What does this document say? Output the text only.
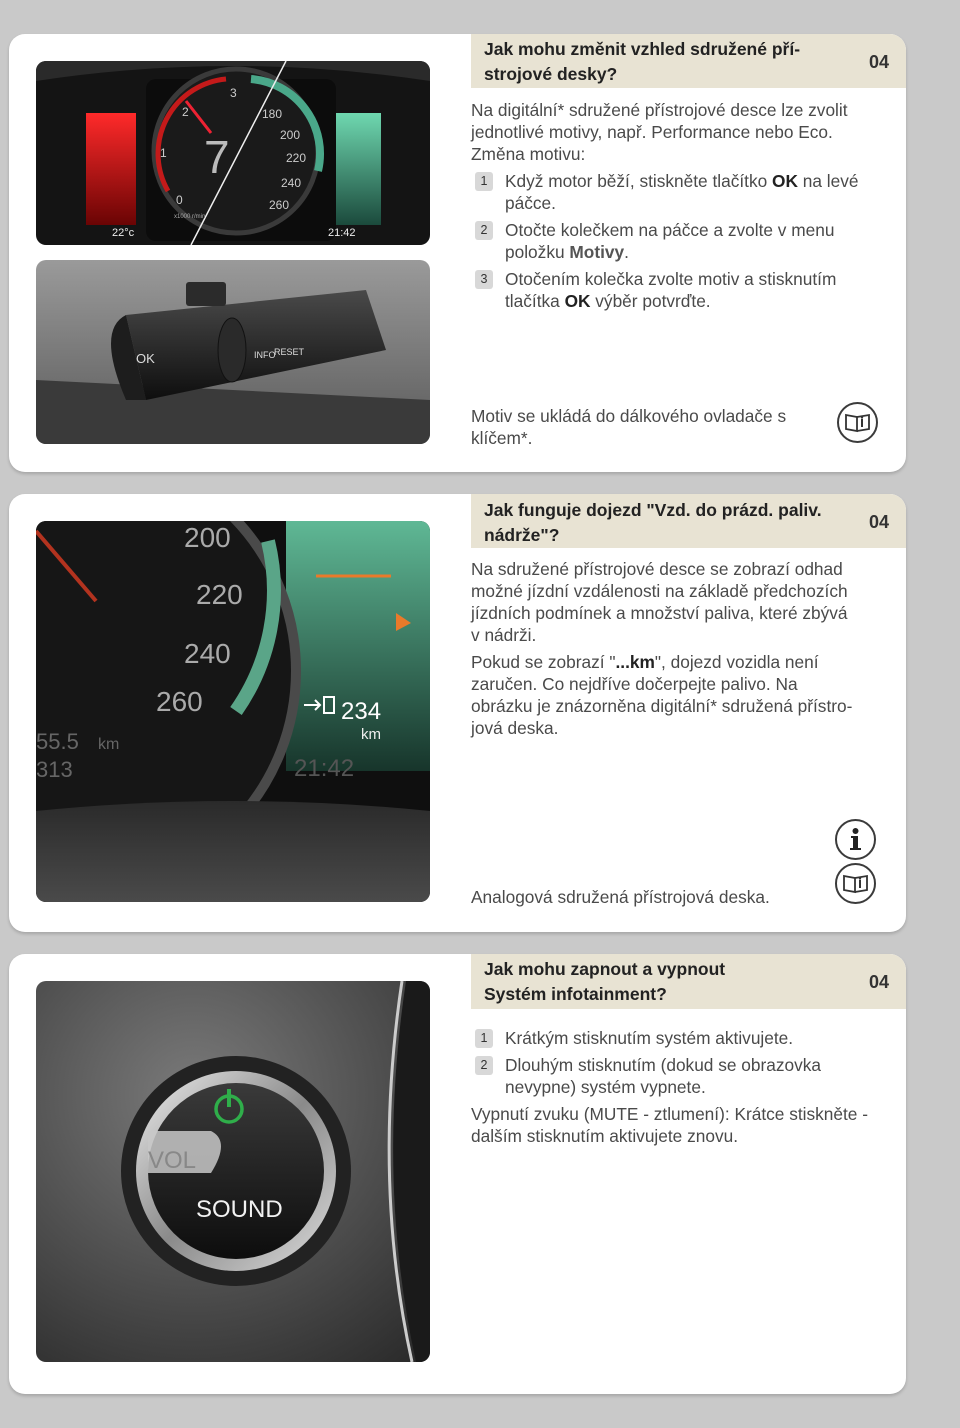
7
180
200
220
240
260
0
1
2
3
x1000 r/min
22°c	21:42
OK	INFO
RESET
Jak mohu změnit vzhled sdružené pří-
strojové desky?
04

Na digitální* sdružené přístrojové desce lze zvolit
jednotlivé motivy, např. Performance nebo Eco.
Změna motivu:

1	Když motor běží, stiskněte tlačítko OK na levé páčce.
2	Otočte kolečkem na páčce a zvolte v menu položku Motivy.
3	Otočením kolečka zvolte motiv a stisknutím tlačítka OK výběr potvrďte.
Motiv se ukládá do dálkového ovladače s klíčem*.
200
220
240
260	234
km
21:42
55.5 km
313
Jak funguje dojezd "Vzd. do prázd. paliv.
nádrže"?
04

Na sdružené přístrojové desce se zobrazí odhad
možné jízdní vzdálenosti na základě předchozích
jízdních podmínek a množství paliva, které zbývá
v nádrži.

Pokud se zobrazí "...km", dojezd vozidla není
zaručen. Co nejdříve dočerpejte palivo. Na
obrázku je znázorněna digitální* sdružená přístro-
jová deska.

Analogová sdružená přístrojová deska.
VOL
SOUND
Jak mohu zapnout a vypnout
Systém infotainment?
04
1	Krátkým stisknutím systém aktivujete.
2	Dlouhým stisknutím (dokud se obrazovka nevypne) systém vypnete.

Vypnutí zvuku (MUTE - ztlumení): Krátce stiskněte -
dalším stisknutím aktivujete znovu.
